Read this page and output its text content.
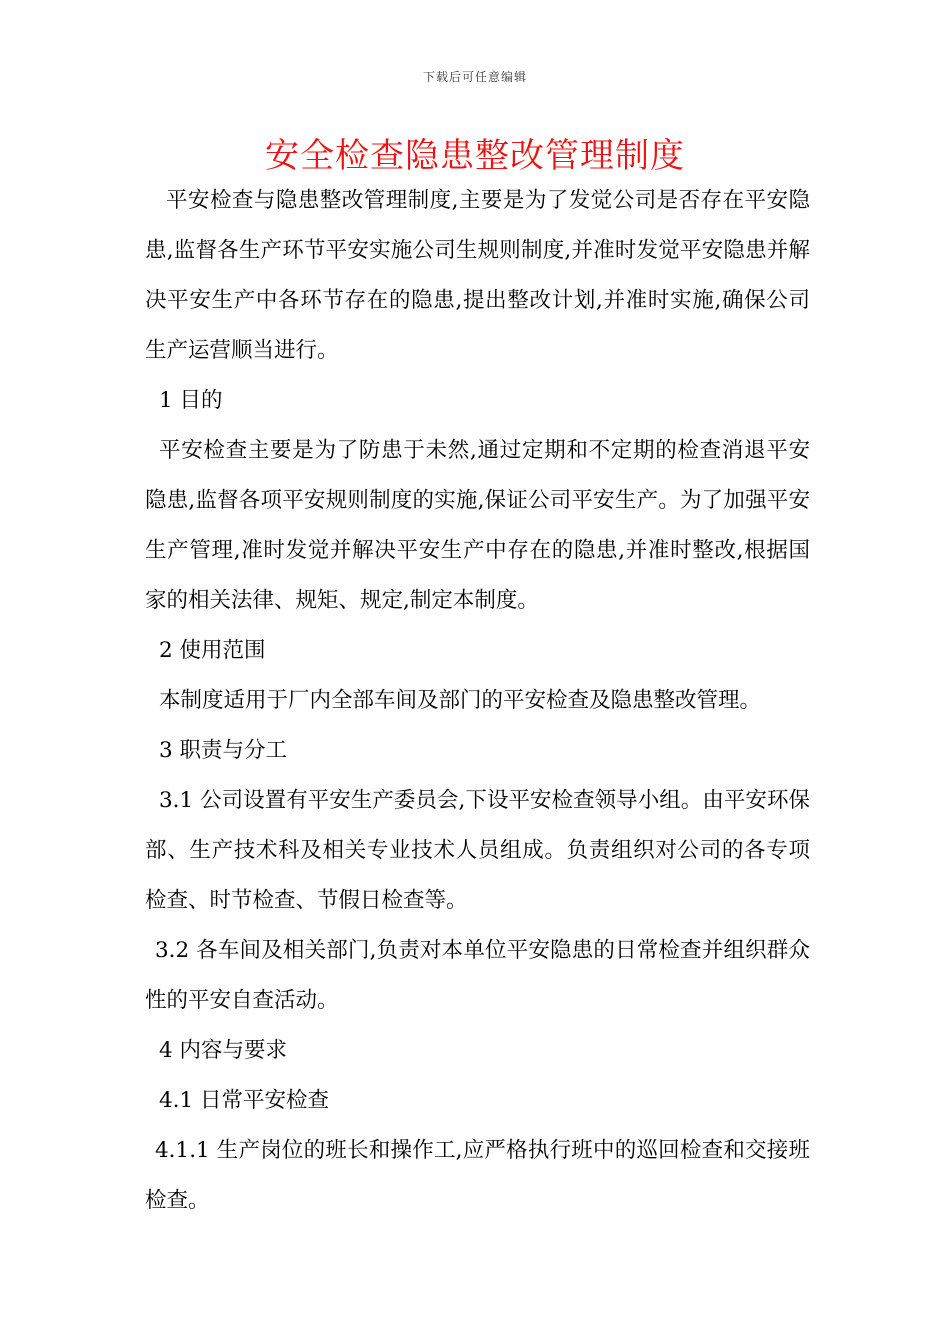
下载后可任意编辑
安全检查隐患整改管理制度

平安检查与隐患整改管理制度,主要是为了发觉公司是否存在平安隐患,监督各生产环节平安实施公司生规则制度,并准时发觉平安隐患并解决平安生产中各环节存在的隐患,提出整改计划,并准时实施,确保公司生产运营顺当进行。

1 目的

平安检查主要是为了防患于未然,通过定期和不定期的检查消退平安隐患,监督各项平安规则制度的实施,保证公司平安生产。为了加强平安生产管理,准时发觉并解决平安生产中存在的隐患,并准时整改,根据国家的相关法律、规矩、规定,制定本制度。

2 使用范围

本制度适用于厂内全部车间及部门的平安检查及隐患整改管理。

3 职责与分工

3.1 公司设置有平安生产委员会,下设平安检查领导小组。由平安环保部、生产技术科及相关专业技术人员组成。负责组织对公司的各专项检查、时节检查、节假日检查等。

3.2 各车间及相关部门,负责对本单位平安隐患的日常检查并组织群众性的平安自查活动。

4 内容与要求

4.1 日常平安检查

4.1.1 生产岗位的班长和操作工,应严格执行班中的巡回检查和交接班检查。
